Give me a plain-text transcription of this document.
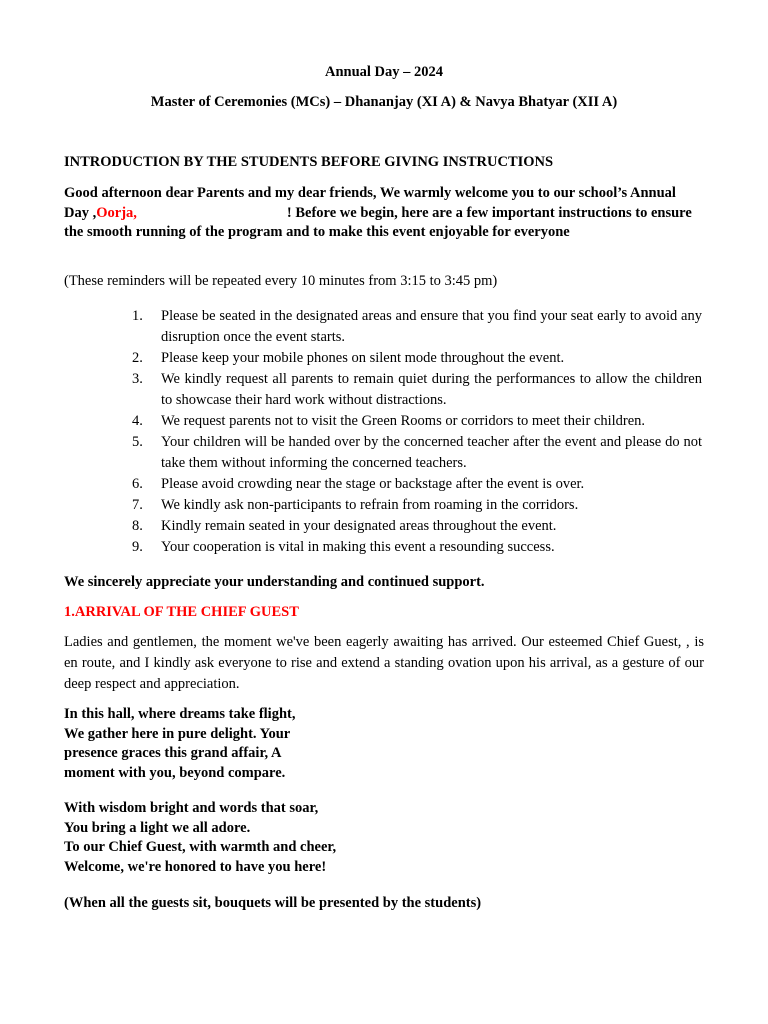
Annual Day – 2024

Master of Ceremonies (MCs) – Dhananjay (XI A) & Navya Bhatyar (XII A)

INTRODUCTION BY THE STUDENTS BEFORE GIVING INSTRUCTIONS

Good afternoon dear Parents and my dear friends, We warmly welcome you to our school’s Annual Day ,Oorja,	! Before we begin, here are a few important instructions to ensure the smooth running of the program and to make this event enjoyable for everyone

(These reminders will be repeated every 10 minutes from 3:15 to 3:45 pm)

1. Please be seated in the designated areas and ensure that you find your seat early to avoid any disruption once the event starts.
2. Please keep your mobile phones on silent mode throughout the event.
3. We kindly request all parents to remain quiet during the performances to allow the children to showcase their hard work without distractions.
4. We request parents not to visit the Green Rooms or corridors to meet their children.
5. Your children will be handed over by the concerned teacher after the event and please do not take them without informing the concerned teachers.
6. Please avoid crowding near the stage or backstage after the event is over.
7. We kindly ask non-participants to refrain from roaming in the corridors.
8. Kindly remain seated in your designated areas throughout the event.
9. Your cooperation is vital in making this event a resounding success.

We sincerely appreciate your understanding and continued support.

1.ARRIVAL OF THE CHIEF GUEST

Ladies and gentlemen, the moment we've been eagerly awaiting has arrived. Our esteemed Chief Guest, , is en route, and I kindly ask everyone to rise and extend a standing ovation upon his arrival, as a gesture of our deep respect and appreciation.

In this hall, where dreams take flight,
We gather here in pure delight. Your
presence graces this grand affair, A
moment with you, beyond compare.

With wisdom bright and words that soar,
You bring a light we all adore.
To our Chief Guest, with warmth and cheer,
Welcome, we're honored to have you here!

(When all the guests sit, bouquets will be presented by the students)
